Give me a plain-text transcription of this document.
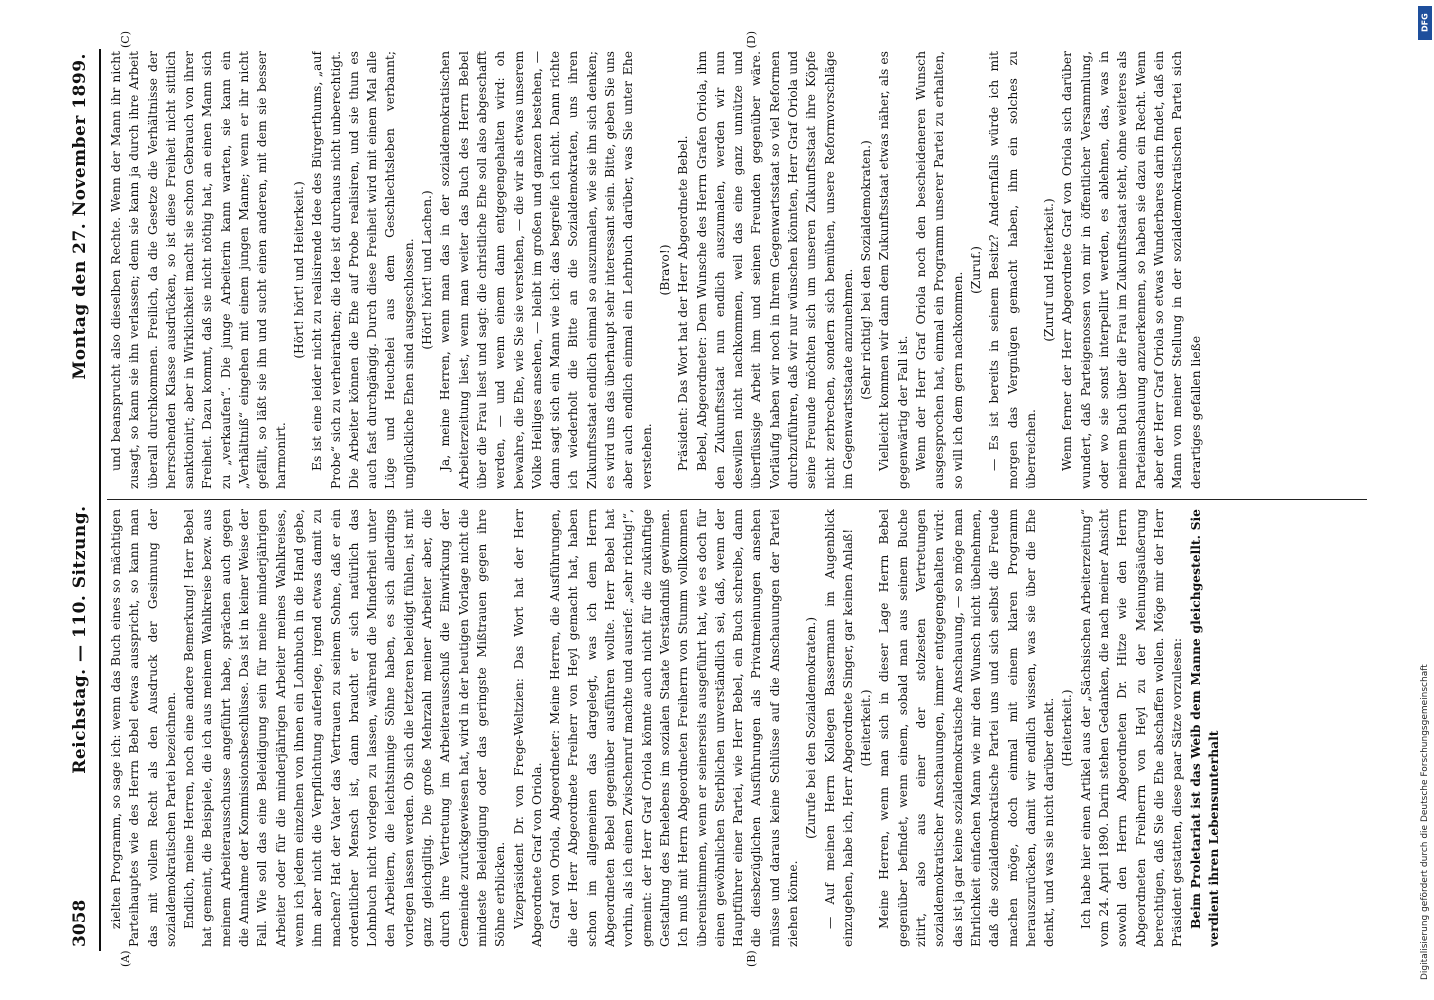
3058
Reichstag. — 110. Sitzung.
Montag den 27. November 1899.

zielten Programm, so sage ich: wenn das Buch eines so mächtigen Parteihauptes wie des Herrn Bebel etwas ausspricht, so kann man das mit vollem Recht als den Ausdruck der Gesinnung der sozialdemokratischen Partei bezeichnen. Endlich, meine Herren, noch eine andere Bemerkung! Herr Bebel hat gemeint, die Beispiele, die ich aus meinem Wahlkreise bezw. aus meinem Arbeiterausschusse angeführt habe, sprächen auch gegen die Annahme der Kommissionsbeschlüsse. Das ist in keiner Weise der Fall. Wie soll das eine Beleidigung sein für meine minderjährigen Arbeiter oder für die minderjährigen Arbeiter meines Wahlkreises, wenn ich jedem einzelnen von ihnen ein Lohnbuch in die Hand gebe, ihm aber nicht die Verpflichtung auferlege, irgend etwas damit zu machen? Hat der Vater das Vertrauen zu seinem Sohne, daß er ein ordentlicher Mensch ist, dann braucht er sich natürlich das Lohnbuch nicht vorlegen zu lassen, während die Minderheit unter den Arbeitern, die leichtsinnige Söhne haben, es sich allerdings vorlegen lassen werden. Ob sich die letzteren beleidigt fühlen, ist mit ganz gleichgiltig. Die große Mehrzahl meiner Arbeiter aber, die durch ihre Vertretung im Arbeiterausschuß die Einwirkung der Gemeinde zurückgewiesen hat, wird in der heutigen Vorlage nicht die mindeste Beleidigung oder das geringste Mißtrauen gegen ihre Söhne erblicken. Vizepräsident Dr. von Frege-Weltzien: Das Wort hat der Herr Abgeordnete Graf von Oriola. Graf von Oriola, Abgeordneter: Meine Herren, die Ausführungen, die der Herr Abgeordnete Freiherr von Heyl gemacht hat, haben schon im allgemeinen das dargelegt, was ich dem Herrn Abgeordneten Bebel gegenüber ausführen wollte. Herr Bebel hat vorhin, als ich einen Zwischenruf machte und ausrief: „sehr richtig!“, gemeint: der Herr Graf Oriola könnte auch nicht für die zukünftige Gestaltung des Ehelebens im sozialen Staate Verständniß gewinnen. Ich muß mit Herrn Abgeordneten Freiherrn von Stumm vollkommen übereinstimmen, wenn er seinerseits ausgeführt hat, wie es doch für einen gewöhnlichen Sterblichen unverständlich sei, daß, wenn der Hauptführer einer Partei, wie Herr Bebel, ein Buch schreibe, dann die diesbezüglichen Ausführungen als Privatmeinungen ansehen müsse und daraus keine Schlüsse auf die Anschauungen der Partei ziehen könne.

(Zurufe bei den Sozialdemokraten.) — Auf meinen Herrn Kollegen Bassermann im Augenblick einzugehen, habe ich, Herr Abgeordnete Singer, gar keinen Anlaß! (Heiterkeit.) Meine Herren, wenn man sich in dieser Lage Herrn Bebel gegenüber befindet, wenn einem, sobald man aus seinem Buche zitirt, also aus einer der stolzesten Vertretungen sozialdemokratischer Anschauungen, immer entgegengehalten wird: das ist ja gar keine sozialdemokratische Anschauung, — so möge man Ehrlichkeit einfachen Mann wie mir den Wunsch nicht übelnehmen, daß die sozialdemokratische Partei uns und sich selbst die Freude machen möge, doch einmal mit einem klaren Programm herauszurücken, damit wir endlich wissen, was sie über die Ehe denkt, und was sie nicht darüber denkt. (Heiterkeit.) Ich habe hier einen Artikel aus der „Sächsischen Arbeiterzeitung“ vom 24. April 1890. Darin stehen Gedanken, die nach meiner Ansicht sowohl den Herrn Abgeordneten Dr. Hitze wie den Herrn Abgeordneten Freiherrn von Heyl zu der Meinungsäußerung berechtigen, daß Sie die Ehe abschaffen wollen. Möge mir der Herr Präsident gestatten, diese paar Sätze vorzulesen: Beim Proletariat ist das Weib dem Manne gleichgestellt. Sie verdient ihren Lebensunterhalt

und beansprucht also dieselben Rechte. Wenn der Mann ihr nicht zusagt, so kann sie ihn verlassen; denn sie kann ja durch ihre Arbeit überall durchkommen. Freilich, da die Gesetze die Verhältnisse der herrschenden Klasse ausdrücken, so ist diese Freiheit nicht sittlich sanktionirt; aber in Wirklichkeit macht sie schon Gebrauch von ihrer Freiheit. Dazu kommt, daß sie nicht nöthig hat, an einen Mann sich zu „verkaufen“. Die junge Arbeiterin kann warten, sie kann ein „Verhältniß“ eingehen mit einem jungen Manne; wenn er ihr nicht gefällt, so läßt sie ihn und sucht einen anderen, mit dem sie besser harmonirt.

(Hört! hört! und Heiterkeit.) Es ist eine leider nicht zu realisirende Idee des Bürgerthums, „auf Probe“ sich zu verheirathen; die Idee ist durchaus nicht unberechtigt. Die Arbeiter können die Ehe auf Probe realisiren, und sie thun es auch fast durchgängig. Durch diese Freiheit wird mit einem Mal alle Lüge und Heuchelei aus dem Geschlechtsleben verbannt; unglückliche Ehen sind ausgeschlossen. (Hört! hört! und Lachen.) Ja, meine Herren, wenn man das in der sozialdemokratischen Arbeiterzeitung liest, wenn man weiter das Buch des Herrn Bebel über die Frau liest und sagt: die christliche Ehe soll also abgeschafft werden, — und wenn einem dann entgegengehalten wird: oh bewahre, die Ehe, wie Sie sie verstehen, — die wir als etwas unserem Volke Heiliges ansehen, — bleibt im großen und ganzen bestehen, — dann sagt sich ein Mann wie ich: das begreife ich nicht. Dann richte ich wiederholt die Bitte an die Sozialdemokraten, uns ihren Zukunftsstaat endlich einmal so auszumalen, wie sie ihn sich denken; es wird uns das überhaupt sehr interessant sein. Bitte, geben Sie uns aber auch endlich einmal ein Lehrbuch darüber, was Sie unter Ehe verstehen.

(Bravo!) Präsident: Das Wort hat der Herr Abgeordnete Bebel. Bebel, Abgeordneter: Dem Wunsche des Herrn Grafen Oriola, ihm den Zukunftsstaat nun endlich auszumalen, werden wir nun deswillen nicht nachkommen, weil das eine ganz unnütze und überflüssige Arbeit ihm und seinen Freunden gegenüber wäre. Vorläufig haben wir noch in Ihrem Gegenwartsstaat so viel Reformen durchzuführen, daß wir nur wünschen könnten, Herr Graf Oriola und seine Freunde möchten sich um unseren Zukunftsstaat ihre Köpfe nicht zerbrechen, sondern sich bemühen, unsere Reformvorschläge im Gegenwartsstaate anzunehmen. (Sehr richtig! bei den Sozialdemokraten.) Vielleicht kommen wir dann dem Zukunftsstaat etwas näher, als es gegenwärtig der Fall ist. Wenn der Herr Graf Oriola noch den bescheideneren Wunsch ausgesprochen hat, einmal ein Programm unserer Partei zu erhalten, so will ich dem gern nachkommen.

(Zuruf.) — Es ist bereits in seinem Besitz? Andernfalls würde ich mit morgen das Vergnügen gemacht haben, ihm ein solches zu überreichen.

(Zuruf und Heiterkeit.) Wenn ferner der Herr Abgeordnete Graf von Oriola sich darüber wundert, daß Parteigenossen von mir in öffentlicher Versammlung, oder wo sie sonst interpellirt werden, es ablehnen, das, was in meinem Buch über die Frau im Zukunftsstaat steht, ohne weiteres als Parteianschauung anzuerkennen, so haben sie dazu ein Recht. Wenn aber der Herr Graf Oriola so etwas Wunderbares darin findet, daß ein Mann von meiner Stellung in der sozialdemokratischen Partei sich derartiges gefallen ließe

(A)	(B)
(C)	(D)
DFG
Digitalisierung gefördert durch die Deutsche Forschungsgemeinschaft
